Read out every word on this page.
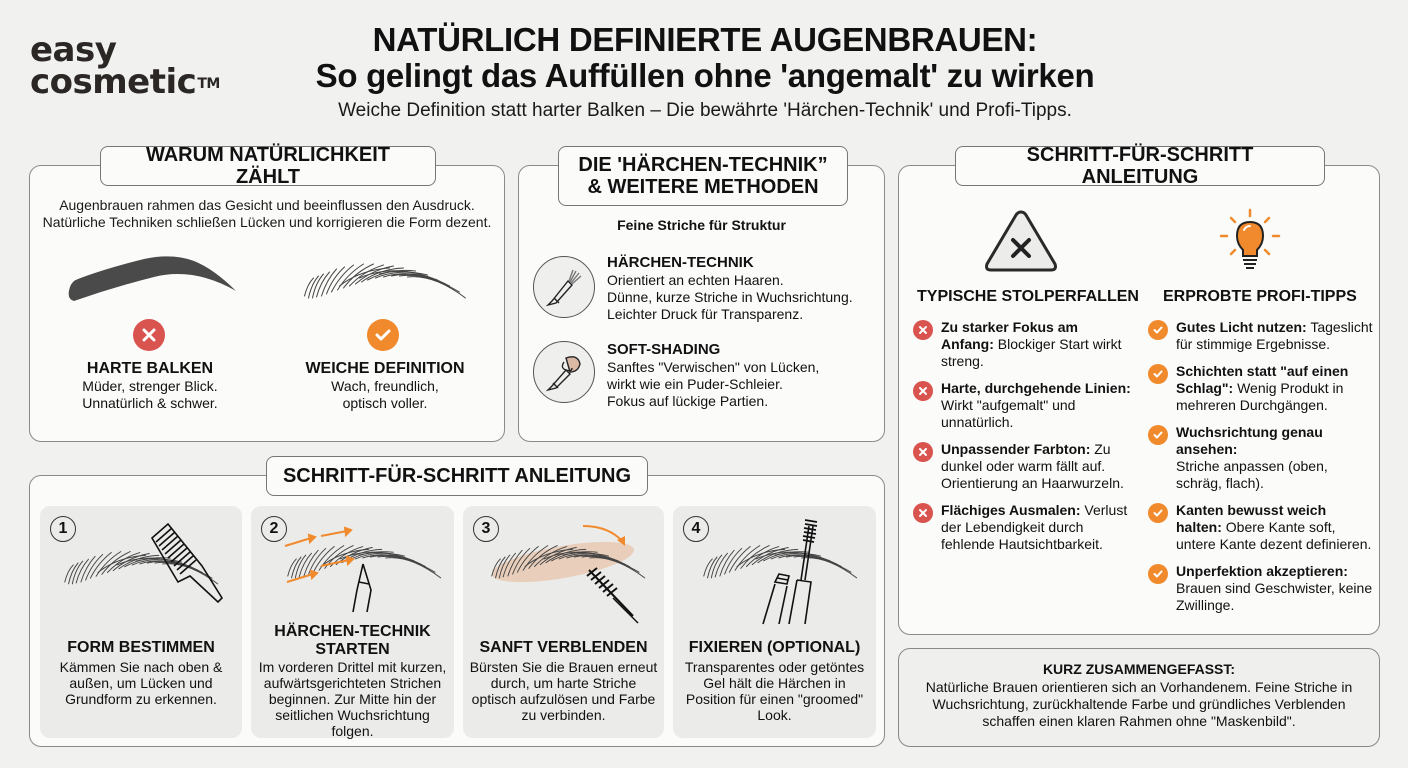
easy
cosmetic™
NATÜRLICH DEFINIERTE AUGENBRAUEN:
So gelingt das Auffüllen ohne 'angemalt' zu wirken
Weiche Definition statt harter Balken – Die bewährte 'Härchen-Technik' und Profi-Tipps.
WARUM NATÜRLICHKEIT ZÄHLT
Augenbrauen rahmen das Gesicht und beeinflussen den Ausdruck.
Natürliche Techniken schließen Lücken und korrigieren die Form dezent.
HARTE BALKEN
Müder, strenger Blick.
Unnatürlich & schwer.
WEICHE DEFINITION
Wach, freundlich,
optisch voller.
DIE 'HÄRCHEN-TECHNIK”
& WEITERE METHODEN
Feine Striche für Struktur
HÄRCHEN-TECHNIK
Orientiert an echten Haaren.
Dünne, kurze Striche in Wuchsrichtung.
Leichter Druck für Transparenz.
SOFT-SHADING
Sanftes "Verwischen" von Lücken,
wirkt wie ein Puder-Schleier.
Fokus auf lückige Partien.
SCHRITT-FÜR-SCHRITT ANLEITUNG
TYPISCHE STOLPERFALLEN ERPROBTE PROFI-TIPPS
Zu starker Fokus am Anfang: Blockiger Start wirkt streng.
Harte, durchgehende Linien: Wirkt "aufgemalt" und unnatürlich.
Unpassender Farbton: Zu dunkel oder warm fällt auf. Orientierung an Haarwurzeln.
Flächiges Ausmalen: Verlust der Lebendigkeit durch fehlende Hautsichtbarkeit.
Gutes Licht nutzen: Tageslicht für stimmige Ergebnisse.
Schichten statt "auf einen Schlag": Wenig Produkt in mehreren Durchgängen.
Wuchsrichtung genau ansehen:
Striche anpassen (oben, schräg, flach).
Kanten bewusst weich halten: Obere Kante soft, untere Kante dezent definieren.
Unperfektion akzeptieren: Brauen sind Geschwister, keine Zwillinge.
SCHRITT-FÜR-SCHRITT ANLEITUNG
1
FORM BESTIMMEN
Kämmen Sie nach oben & außen, um Lücken und Grundform zu erkennen.
2
HÄRCHEN-TECHNIK STARTEN
Im vorderen Drittel mit kurzen, aufwärtsgerichteten Strichen beginnen. Zur Mitte hin der seitlichen Wuchsrichtung folgen.
3
SANFT VERBLENDEN
Bürsten Sie die Brauen erneut durch, um harte Striche optisch aufzulösen und Farbe zu verbinden.
4
FIXIEREN (OPTIONAL)
Transparentes oder getöntes Gel hält die Härchen in Position für einen "groomed" Look.
KURZ ZUSAMMENGEFASST:
Natürliche Brauen orientieren sich an Vorhandenem. Feine Striche in Wuchsrichtung, zurückhaltende Farbe und gründliches Verblenden schaffen einen klaren Rahmen ohne "Maskenbild".
